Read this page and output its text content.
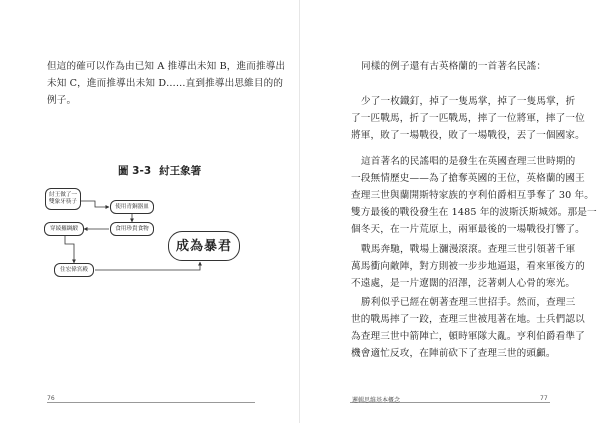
但這的確可以作為由已知 A 推導出未知 B，進而推導出
未知 C，進而推導出未知 D……直到推導出思維目的的
例子。
圖 3-3 紂王象箸
紂王做了一雙象牙筷子
使用青銅器皿
穿綾羅綢緞	食用珍貴食物
住宏偉宮殿
成為暴君
76
同樣的例子還有古英格蘭的一首著名民謠：
少了一枚鐵釘，掉了一隻馬掌，掉了一隻馬掌，折
了一匹戰馬，折了一匹戰馬，摔了一位將軍，摔了一位
將軍，敗了一場戰役，敗了一場戰役，丟了一個國家。
這首著名的民謠唱的是發生在英國查理三世時期的
一段無情歷史——為了搶奪英國的王位，英格蘭的國王
查理三世與蘭開斯特家族的亨利伯爵相互爭奪了 30 年。
雙方最後的戰役發生在 1485 年的波斯沃斯城郊。那是一
個冬天，在一片荒原上，兩軍最後的一場戰役打響了。
戰馬奔馳，戰場上瀰漫滾滾。查理三世引領著千軍
萬馬衝向敵陣，對方則被一步步地逼退，看來軍後方的
不遠處，是一片遼闊的沼澤，泛著刺人心骨的寒光。
勝利似乎已經在朝著查理三世招手。然而，查理三
世的戰馬摔了一跤，查理三世被甩著在地。士兵們認以
為查理三世中箭陣亡，頓時軍隊大亂。亨利伯爵看準了
機會適忙反攻，在陣前砍下了查理三世的頭顱。
邏輯思維基本概念	77
